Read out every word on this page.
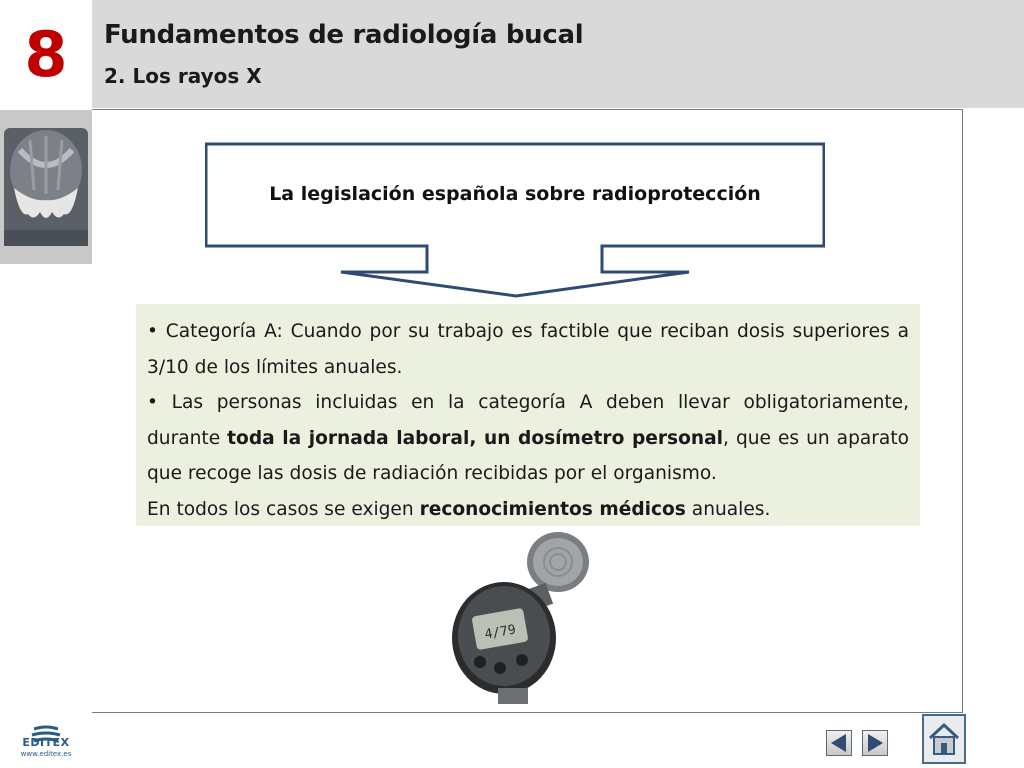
8	Fundamentos de radiología bucal
2. Los rayos X
La legislación española sobre radioprotección

• Categoría A: Cuando por su trabajo es factible que reciban dosis superiores a 3/10 de los límites anuales.

• Las personas incluidas en la categoría A deben llevar obligatoriamente, durante toda la jornada laboral, un dosímetro personal, que es un aparato que recoge las dosis de radiación recibidas por el organismo.

En todos los casos se exigen reconocimientos médicos anuales.

4/79
EDITEX
www.editex.es
